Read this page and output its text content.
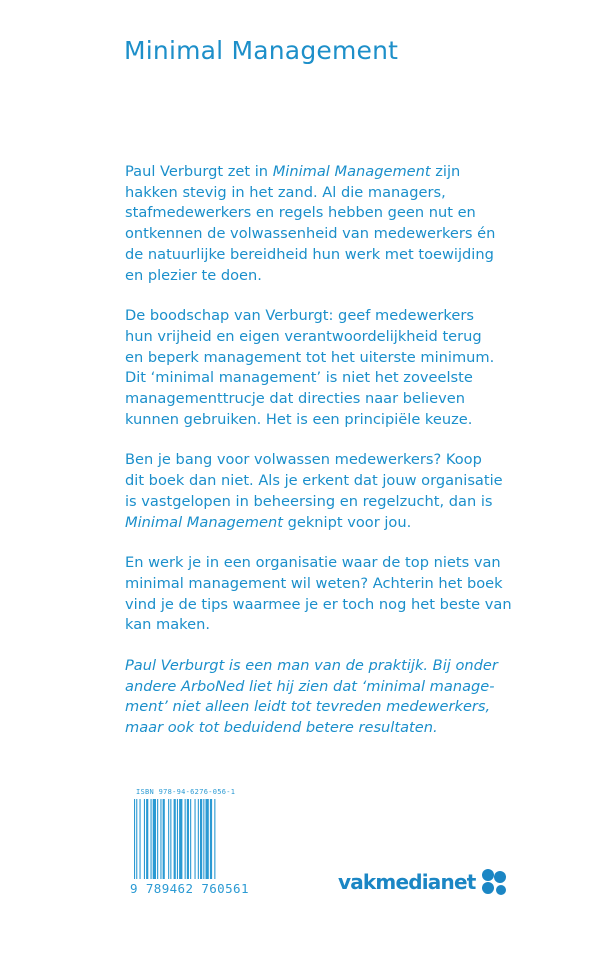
Minimal Management

Paul Verburgt zet in Minimal Management zijn
hakken stevig in het zand. Al die managers,
stafmedewerkers en regels hebben geen nut en
ontkennen de volwassenheid van medewerkers én
de natuurlijke bereidheid hun werk met toewijding
en plezier te doen.

De boodschap van Verburgt: geef medewerkers
hun vrijheid en eigen verantwoordelijkheid terug
en beperk management tot het uiterste minimum.
Dit ‘minimal management’ is niet het zoveelste
managementtrucje dat directies naar believen
kunnen gebruiken. Het is een principiële keuze.

Ben je bang voor volwassen medewerkers? Koop
dit boek dan niet. Als je erkent dat jouw organisatie
is vastgelopen in beheersing en regelzucht, dan is
Minimal Management geknipt voor jou.

En werk je in een organisatie waar de top niets van
minimal management wil weten? Achterin het boek
vind je de tips waarmee je er toch nog het beste van
kan maken.

Paul Verburgt is een man van de praktijk. Bij onder
andere ArboNed liet hij zien dat ‘minimal manage-
ment’ niet alleen leidt tot tevreden medewerkers,
maar ook tot beduidend betere resultaten.

ISBN 978-94-6276-056-1
9 789462 760561	vakmedianet
